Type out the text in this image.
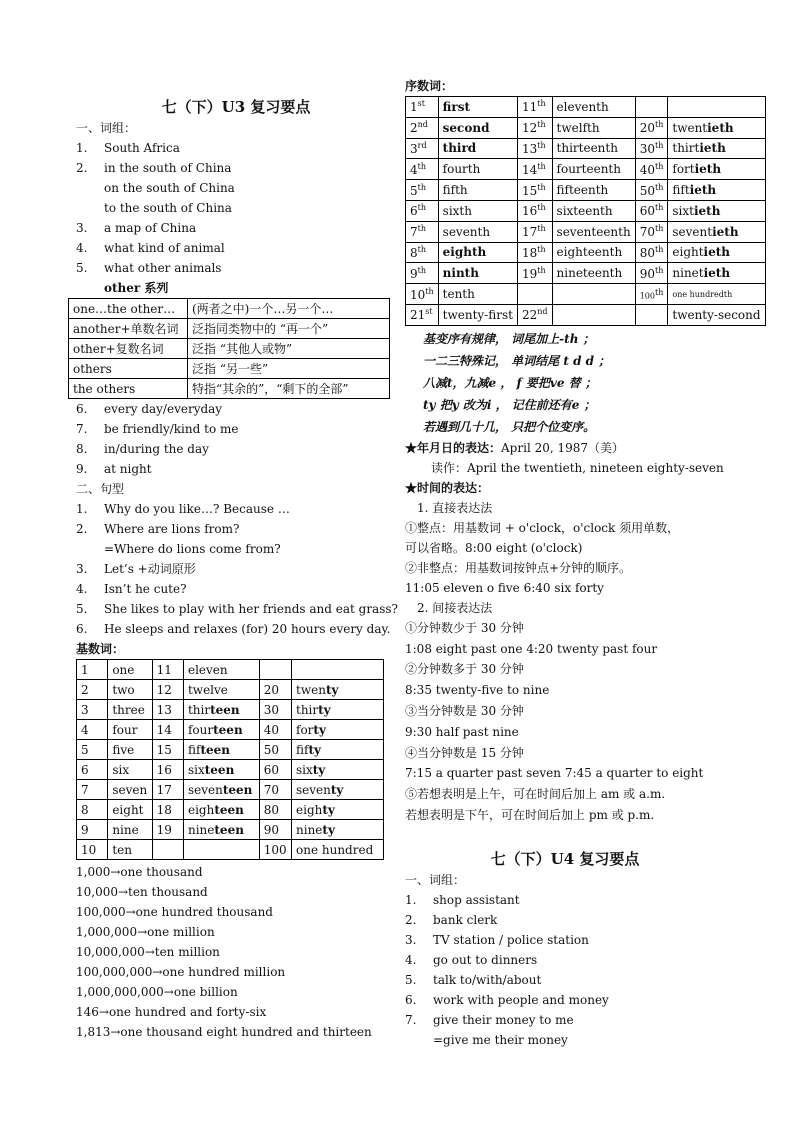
七（下）U3 复习要点
一、词组：
1. South Africa
2. in the south of China
on the south of China
to the south of China
3. a map of China
4. what kind of animal
5. what other animals
other 系列
one…the other…	(两者之中)一个…另一个…
another+单数名词	泛指同类物中的 “再一个”
other+复数名词	泛指 “其他人或物”
others	泛指 “另一些”
the others	特指“其余的”，“剩下的全部”
6. every day/everyday
7. be friendly/kind to me
8. in/during the day
9. at night
二、句型
1. Why do you like…? Because …
2. Where are lions from?
=Where do lions come from?
3. Let’s +动词原形
4. Isn’t he cute?
5. She likes to play with her friends and eat grass?
6. He sleeps and relaxes (for) 20 hours every day.
基数词：
1	one	11	eleven		
2	two	12	twelve	20	twenty
3	three	13	thirteen	30	thirty
4	four	14	fourteen	40	forty
5	five	15	fifteen	50	fifty
6	six	16	sixteen	60	sixty
7	seven	17	seventeen	70	seventy
8	eight	18	eighteen	80	eighty
9	nine	19	nineteen	90	ninety
10	ten			100	one hundred
1,000→one thousand
10,000→ten thousand
100,000→one hundred thousand
1,000,000→one million
10,000,000→ten million
100,000,000→one hundred million
1,000,000,000→one billion
146→one hundred and forty-six
1,813→one thousand eight hundred and thirteen
序数词：
1st	first	11th	eleventh		
2nd	second	12th	twelfth	20th	twentieth
3rd	third	13th	thirteenth	30th	thirtieth
4th	fourth	14th	fourteenth	40th	fortieth
5th	fifth	15th	fifteenth	50th	fiftieth
6th	sixth	16th	sixteenth	60th	sixtieth
7th	seventh	17th	seventeenth	70th	seventieth
8th	eighth	18th	eighteenth	80th	eightieth
9th	ninth	19th	nineteenth	90th	ninetieth
10th	tenth			100th	one hundredth
21st	twenty-first	22nd			twenty-second
基变序有规律， 词尾加上-th ；
一二三特殊记， 单词结尾 t d d ；
八减t，九减e ， f 要把ve 替 ；
ty 把y 改为i ， 记住前还有e ；
若遇到几十几， 只把个位变序。
★年月日的表达：April 20, 1987（美）
读作：April the twentieth, nineteen eighty-seven
★时间的表达：
1. 直接表达法
①整点：用基数词 + o'clock，o'clock 须用单数，
可以省略。8:00 eight (o'clock)
②非整点：用基数词按钟点+分钟的顺序。
11:05 eleven o five 6:40 six forty
2. 间接表达法
①分钟数少于 30 分钟
1:08 eight past one 4:20 twenty past four
②分钟数多于 30 分钟
8:35 twenty-five to nine
③当分钟数是 30 分钟
9:30 half past nine
④当分钟数是 15 分钟
7:15 a quarter past seven 7:45 a quarter to eight
⑤若想表明是上午，可在时间后加上 am 或 a.m.
若想表明是下午，可在时间后加上 pm 或 p.m.
七（下）U4 复习要点
一、词组：
1. shop assistant
2. bank clerk
3. TV station / police station
4. go out to dinners
5. talk to/with/about
6. work with people and money
7. give their money to me
=give me their money
